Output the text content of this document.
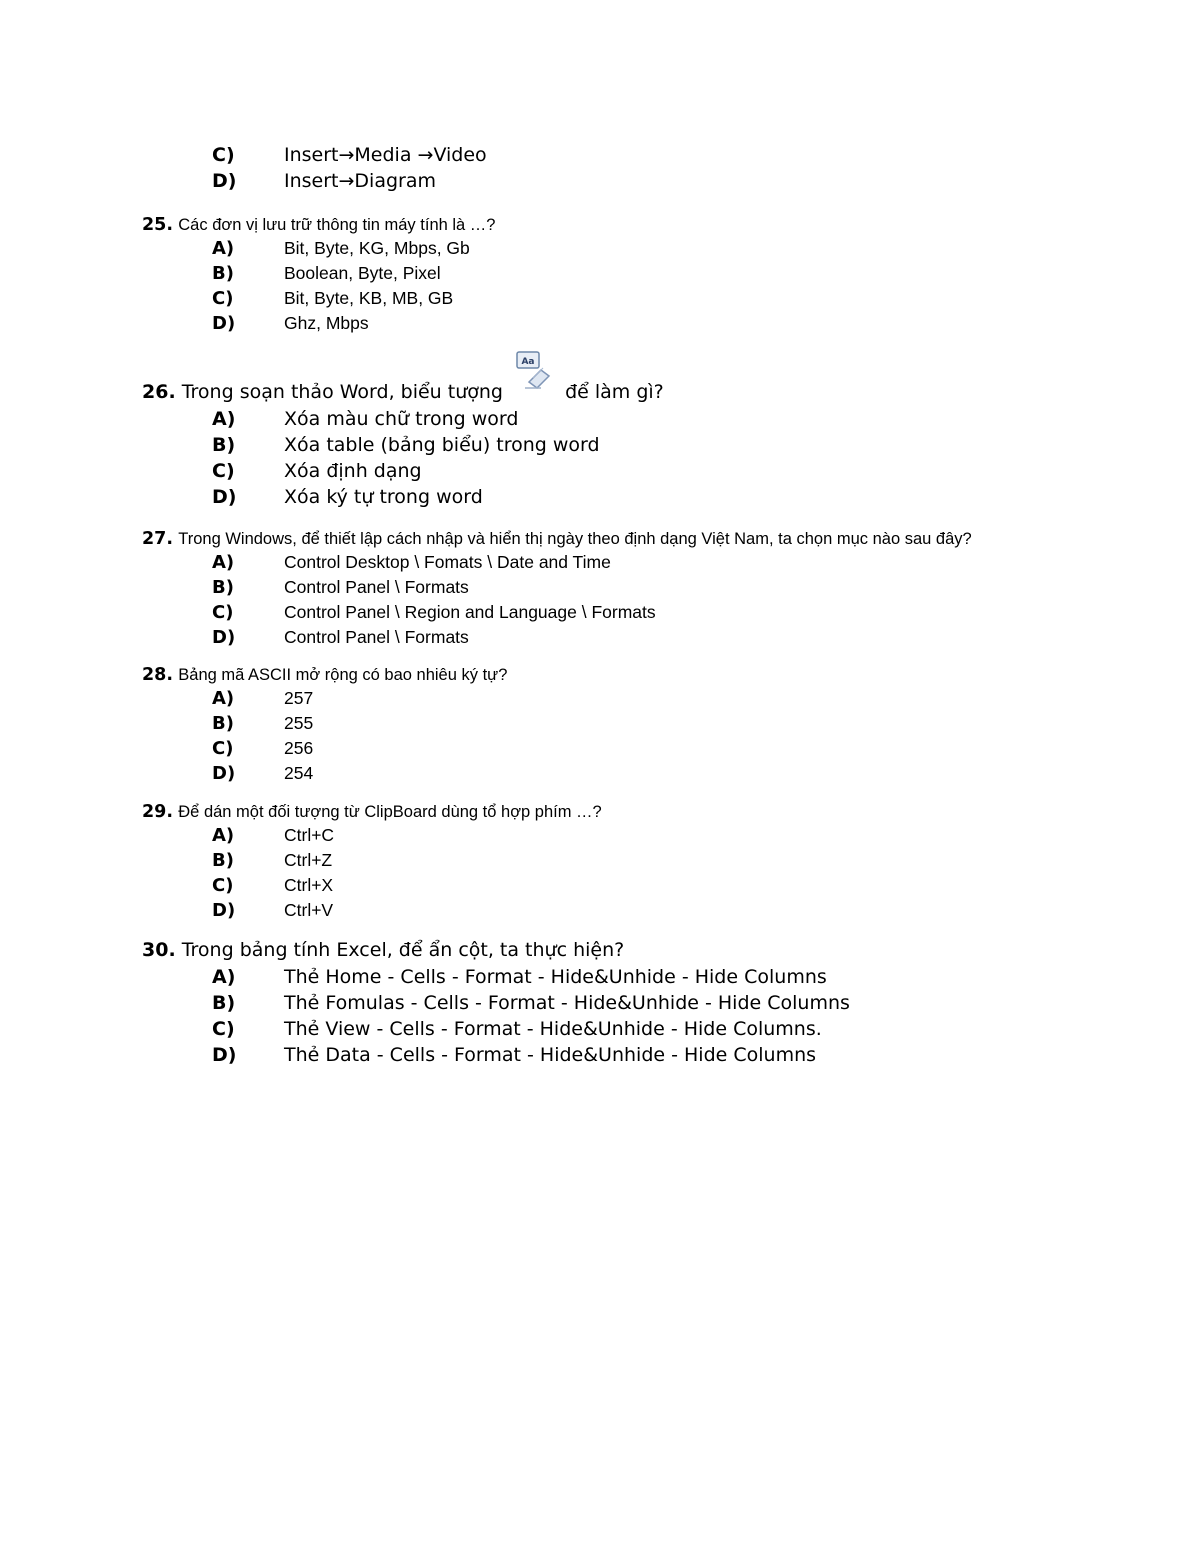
C)	Insert→Media →Video
D)	Insert→Diagram
25. Các đơn vị lưu trữ thông tin máy tính là …?
A)	Bit, Byte, KG, Mbps, Gb
B)	Boolean, Byte, Pixel
C)	Bit, Byte, KB, MB, GB
D)	Ghz, Mbps
26. Trong soạn thảo Word, biểu tượng
Aa
để làm gì?
A)	Xóa màu chữ trong word
B)	Xóa table (bảng biểu) trong word
C)	Xóa định dạng
D)	Xóa ký tự trong word
27. Trong Windows, để thiết lập cách nhập và hiển thị ngày theo định dạng Việt Nam, ta chọn mục nào sau đây?
A)	Control Desktop \ Fomats \ Date and Time
B)	Control Panel \ Formats
C)	Control Panel \ Region and Language \ Formats
D)	Control Panel \ Formats
28. Bảng mã ASCII mở rộng có bao nhiêu ký tự?
A)	257
B)	255
C)	256
D)	254
29. Để dán một đối tượng từ ClipBoard dùng tổ hợp phím …?
A)	Ctrl+C
B)	Ctrl+Z
C)	Ctrl+X
D)	Ctrl+V
30. Trong bảng tính Excel, để ẩn cột, ta thực hiện?
A)	Thẻ Home - Cells - Format - Hide&Unhide - Hide Columns
B)	Thẻ Fomulas - Cells - Format - Hide&Unhide - Hide Columns
C)	Thẻ View - Cells - Format - Hide&Unhide - Hide Columns.
D)	Thẻ Data - Cells - Format - Hide&Unhide - Hide Columns
